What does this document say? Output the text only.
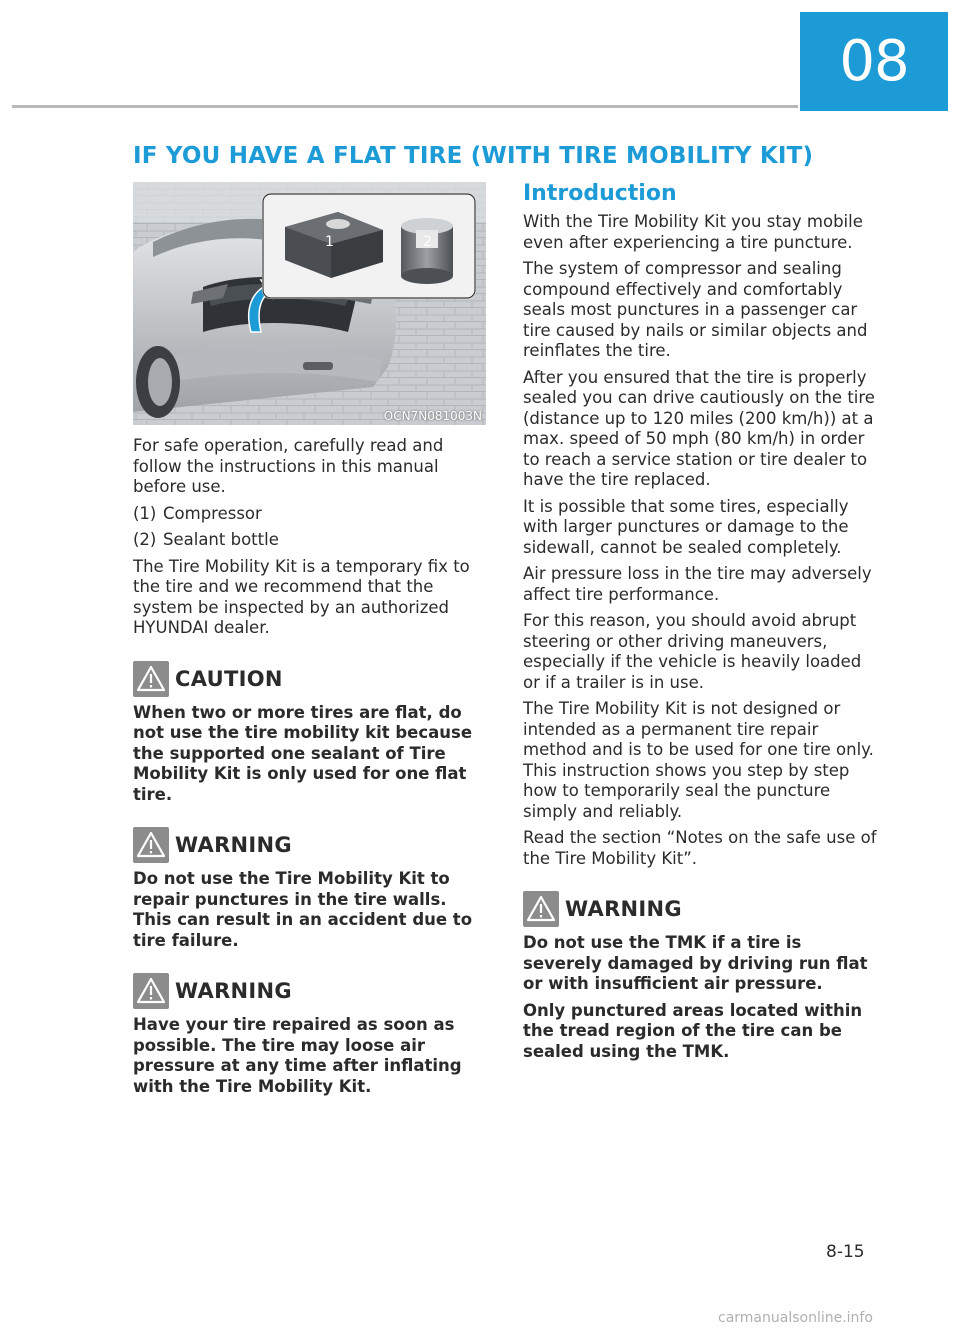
08
IF YOU HAVE A FLAT TIRE (WITH TIRE MOBILITY KIT)
1	2
OCN7N081003N

For safe operation, carefully read and follow the instructions in this manual before use.

(1) Compressor
(2) Sealant bottle

The Tire Mobility Kit is a temporary fix to the tire and we recommend that the system be inspected by an authorized HYUNDAI dealer.

CAUTION

When two or more tires are flat, do not use the tire mobility kit because the supported one sealant of Tire Mobility Kit is only used for one flat tire.

WARNING

Do not use the Tire Mobility Kit to repair punctures in the tire walls. This can result in an accident due to tire failure.

WARNING

Have your tire repaired as soon as possible. The tire may loose air pressure at any time after inflating with the Tire Mobility Kit.

Introduction

With the Tire Mobility Kit you stay mobile even after experiencing a tire puncture.

The system of compressor and sealing compound effectively and comfortably seals most punctures in a passenger car tire caused by nails or similar objects and reinflates the tire.

After you ensured that the tire is properly sealed you can drive cautiously on the tire (distance up to 120 miles (200 km/h)) at a max. speed of 50 mph (80 km/h) in order to reach a service station or tire dealer to have the tire replaced.

It is possible that some tires, especially with larger punctures or damage to the sidewall, cannot be sealed completely.

Air pressure loss in the tire may adversely affect tire performance.

For this reason, you should avoid abrupt steering or other driving maneuvers, especially if the vehicle is heavily loaded or if a trailer is in use.

The Tire Mobility Kit is not designed or intended as a permanent tire repair method and is to be used for one tire only. This instruction shows you step by step how to temporarily seal the puncture simply and reliably.

Read the section “Notes on the safe use of the Tire Mobility Kit”.

WARNING

Do not use the TMK if a tire is severely damaged by driving run flat or with insufficient air pressure.

Only punctured areas located within the tread region of the tire can be sealed using the TMK.

8-15
carmanualsonline.info
